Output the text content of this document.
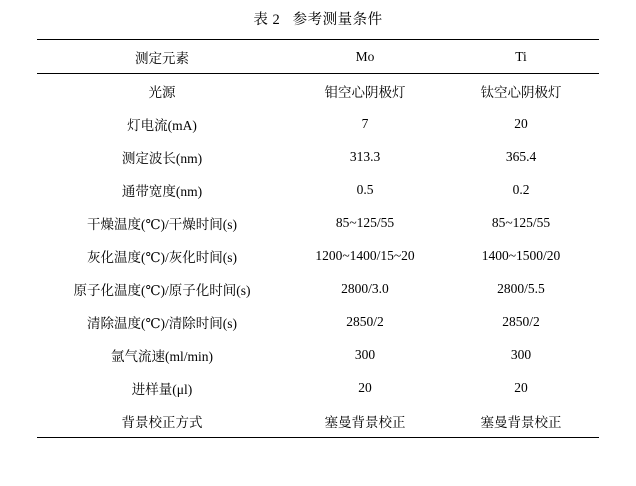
表 2   参考测量条件
测定元素	Mo	Ti
光源	钼空心阴极灯	钛空心阴极灯
灯电流(mA)	7	20
测定波长(nm)	313.3	365.4
通带宽度(nm)	0.5	0.2
干燥温度(℃)/干燥时间(s)	85~125/55	85~125/55
灰化温度(℃)/灰化时间(s)	1200~1400/15~20	1400~1500/20
原子化温度(℃)/原子化时间(s)	2800/3.0	2800/5.5
清除温度(℃)/清除时间(s)	2850/2	2850/2
氩气流速(ml/min)	300	300
进样量(μl)	20	20
背景校正方式	塞曼背景校正	塞曼背景校正
